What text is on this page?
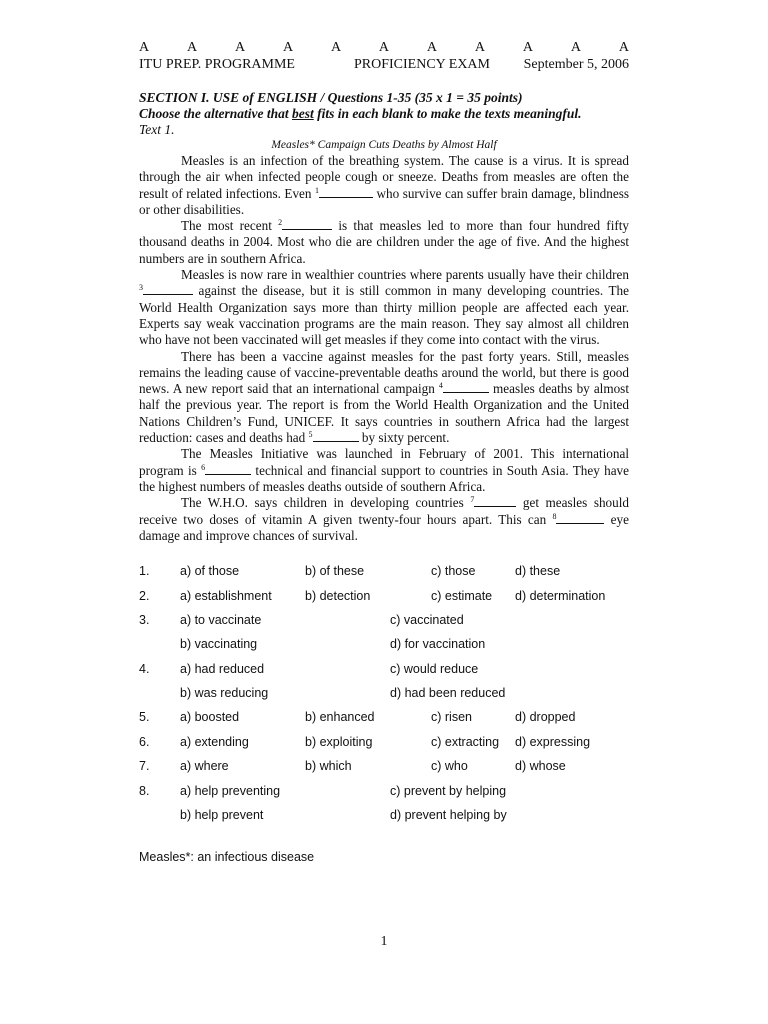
A	A	A	A	A	A	A	A	A	A	A
ITU PREP. PROGRAMME	PROFICIENCY EXAM	September 5, 2006
SECTION I. USE of ENGLISH / Questions 1-35 (35 x 1 = 35 points)
Choose the alternative that best fits in each blank to make the texts meaningful.
Text 1.
Measles* Campaign Cuts Deaths by Almost Half

Measles is an infection of the breathing system. The cause is a virus. It is spread through the air when infected people cough or sneeze. Deaths from measles are often the result of related infections. Even $^1$	who survive can suffer brain damage, blindness or other disabilities.

The most recent $^2$	is that measles led to more than four hundred fifty thousand deaths in 2004. Most who die are children under the age of five. And the highest numbers are in southern Africa.

Measles is now rare in wealthier countries where parents usually have their children $^3$	against the disease, but it is still common in many developing countries. The World Health Organization says more than thirty million people are affected each year. Experts say weak vaccination programs are the main reason. They say almost all children who have not been vaccinated will get measles if they come into contact with the virus.

There has been a vaccine against measles for the past forty years. Still, measles remains the leading cause of vaccine-preventable deaths around the world, but there is good news. A new report said that an international campaign $^4$	measles deaths by almost half the previous year. The report is from the World Health Organization and the United Nations Children’s Fund, UNICEF. It says countries in southern Africa had the largest reduction: cases and deaths had $^5$	by sixty percent.

The Measles Initiative was launched in February of 2001. This international program is $^6$	technical and financial support to countries in South Asia. They have the highest numbers of measles deaths outside of southern Africa.

The W.H.O. says children in developing countries $^7$	get measles should receive two doses of vitamin A given twenty-four hours apart. This can $^8$	eye damage and improve chances of survival.

1. a) of those	b) of these	c) those	d) these
2. a) establishment	b) detection	c) estimate d) determination
3. a) to vaccinate	c) vaccinated
b) vaccinating	d) for vaccination
4. a) had reduced	c) would reduce
b) was reducing	d) had been reduced
5. a) boosted	b) enhanced	c) risen	d) dropped
6. a) extending	b) exploiting	c) extracting d) expressing
7. a) where	b) which	c) who	d) whose
8. a) help preventing	c) prevent by helping
b) help prevent	d) prevent helping by
Measles*: an infectious disease
1
